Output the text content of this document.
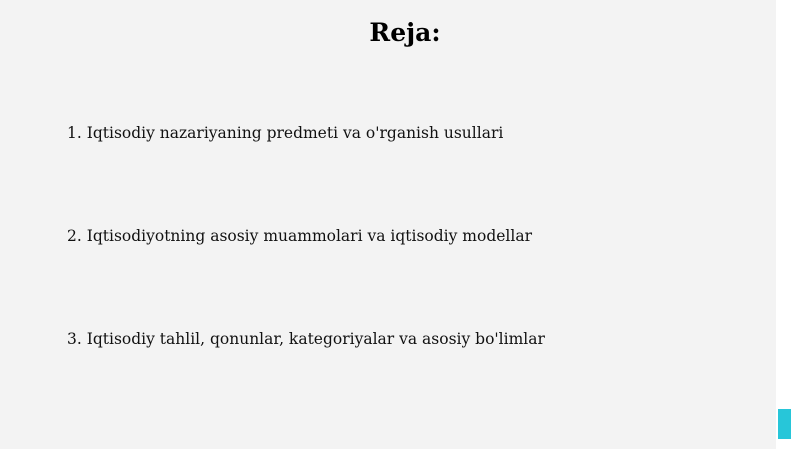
Reja:
1. Iqtisodiy nazariyaning predmeti va o'rganish usullari
2. Iqtisodiyotning asosiy muammolari va iqtisodiy modellar
3. Iqtisodiy tahlil, qonunlar, kategoriyalar va asosiy bo'limlar
